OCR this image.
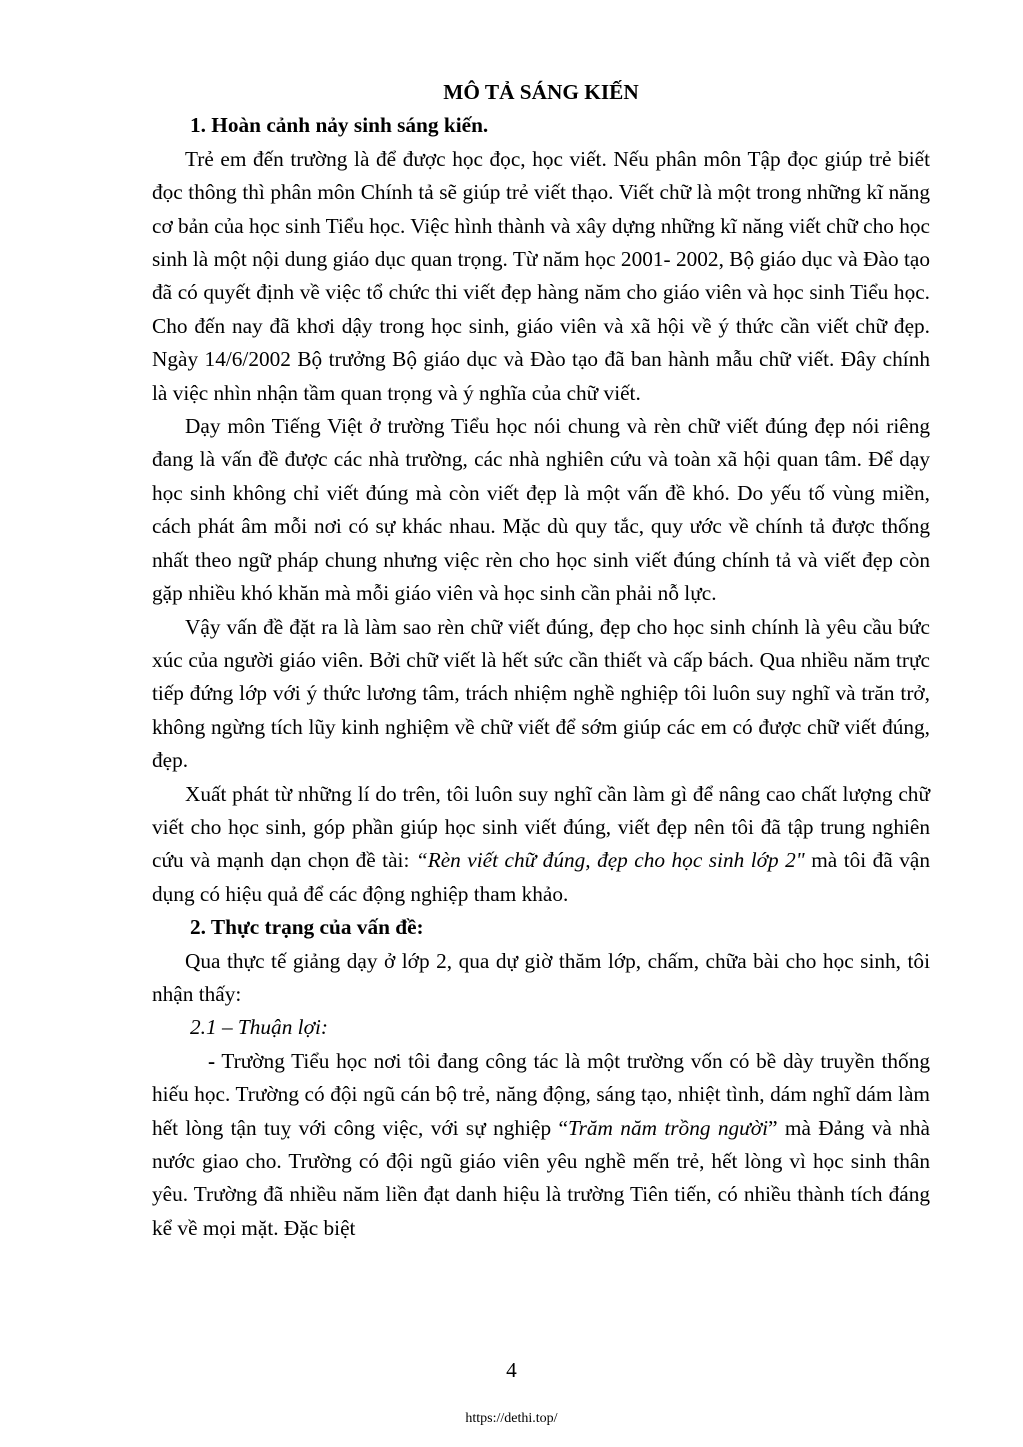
MÔ TẢ SÁNG KIẾN

1. Hoàn cảnh nảy sinh sáng kiến.

Trẻ em đến trường là để được học đọc, học viết. Nếu phân môn Tập đọc giúp trẻ biết đọc thông thì phân môn Chính tả sẽ giúp trẻ viết thạo. Viết chữ là một trong những kĩ năng cơ bản của học sinh Tiểu học. Việc hình thành và xây dựng những kĩ năng viết chữ cho học sinh là một nội dung giáo dục quan trọng. Từ năm học 2001- 2002, Bộ giáo dục và Đào tạo đã có quyết định về việc tổ chức thi viết đẹp hàng năm cho giáo viên và học sinh Tiểu học. Cho đến nay đã khơi dậy trong học sinh, giáo viên và xã hội về ý thức cần viết chữ đẹp. Ngày 14/6/2002 Bộ trưởng Bộ giáo dục và Đào tạo đã ban hành mẫu chữ viết. Đây chính là việc nhìn nhận tầm quan trọng và ý nghĩa của chữ viết.

Dạy môn Tiếng Việt ở trường Tiểu học nói chung và rèn chữ viết đúng đẹp nói riêng đang là vấn đề được các nhà trường, các nhà nghiên cứu và toàn xã hội quan tâm. Để dạy học sinh không chỉ viết đúng mà còn viết đẹp là một vấn đề khó. Do yếu tố vùng miền, cách phát âm mỗi nơi có sự khác nhau. Mặc dù quy tắc, quy ước về chính tả được thống nhất theo ngữ pháp chung nhưng việc rèn cho học sinh viết đúng chính tả và viết đẹp còn gặp nhiều khó khăn mà mỗi giáo viên và học sinh cần phải nỗ lực.

Vậy vấn đề đặt ra là làm sao rèn chữ viết đúng, đẹp cho học sinh chính là yêu cầu bức xúc của người giáo viên. Bởi chữ viết là hết sức cần thiết và cấp bách. Qua nhiều năm trực tiếp đứng lớp với ý thức lương tâm, trách nhiệm nghề nghiệp tôi luôn suy nghĩ và trăn trở, không ngừng tích lũy kinh nghiệm về chữ viết để sớm giúp các em có được chữ viết đúng, đẹp.

Xuất phát từ những lí do trên, tôi luôn suy nghĩ cần làm gì để nâng cao chất lượng chữ viết cho học sinh, góp phần giúp học sinh viết đúng, viết đẹp nên tôi đã tập trung nghiên cứu và mạnh dạn chọn đề tài: “Rèn viết chữ đúng, đẹp cho học sinh lớp 2" mà tôi đã vận dụng có hiệu quả để các động nghiệp tham khảo.

2. Thực trạng của vấn đề:

Qua thực tế giảng dạy ở lớp 2, qua dự giờ thăm lớp, chấm, chữa bài cho học sinh, tôi nhận thấy:

2.1 – Thuận lợi:

- Trường Tiểu học nơi tôi đang công tác là một trường vốn có bề dày truyền thống hiếu học. Trường có đội ngũ cán bộ trẻ, năng động, sáng tạo, nhiệt tình, dám nghĩ dám làm hết lòng tận tuỵ với công việc, với sự nghiệp “Trăm năm trồng người” mà Đảng và nhà nước giao cho. Trường có đội ngũ giáo viên yêu nghề mến trẻ, hết lòng vì học sinh thân yêu. Trường đã nhiều năm liền đạt danh hiệu là trường Tiên tiến, có nhiều thành tích đáng kể về mọi mặt. Đặc biệt

4
https://dethi.top/
